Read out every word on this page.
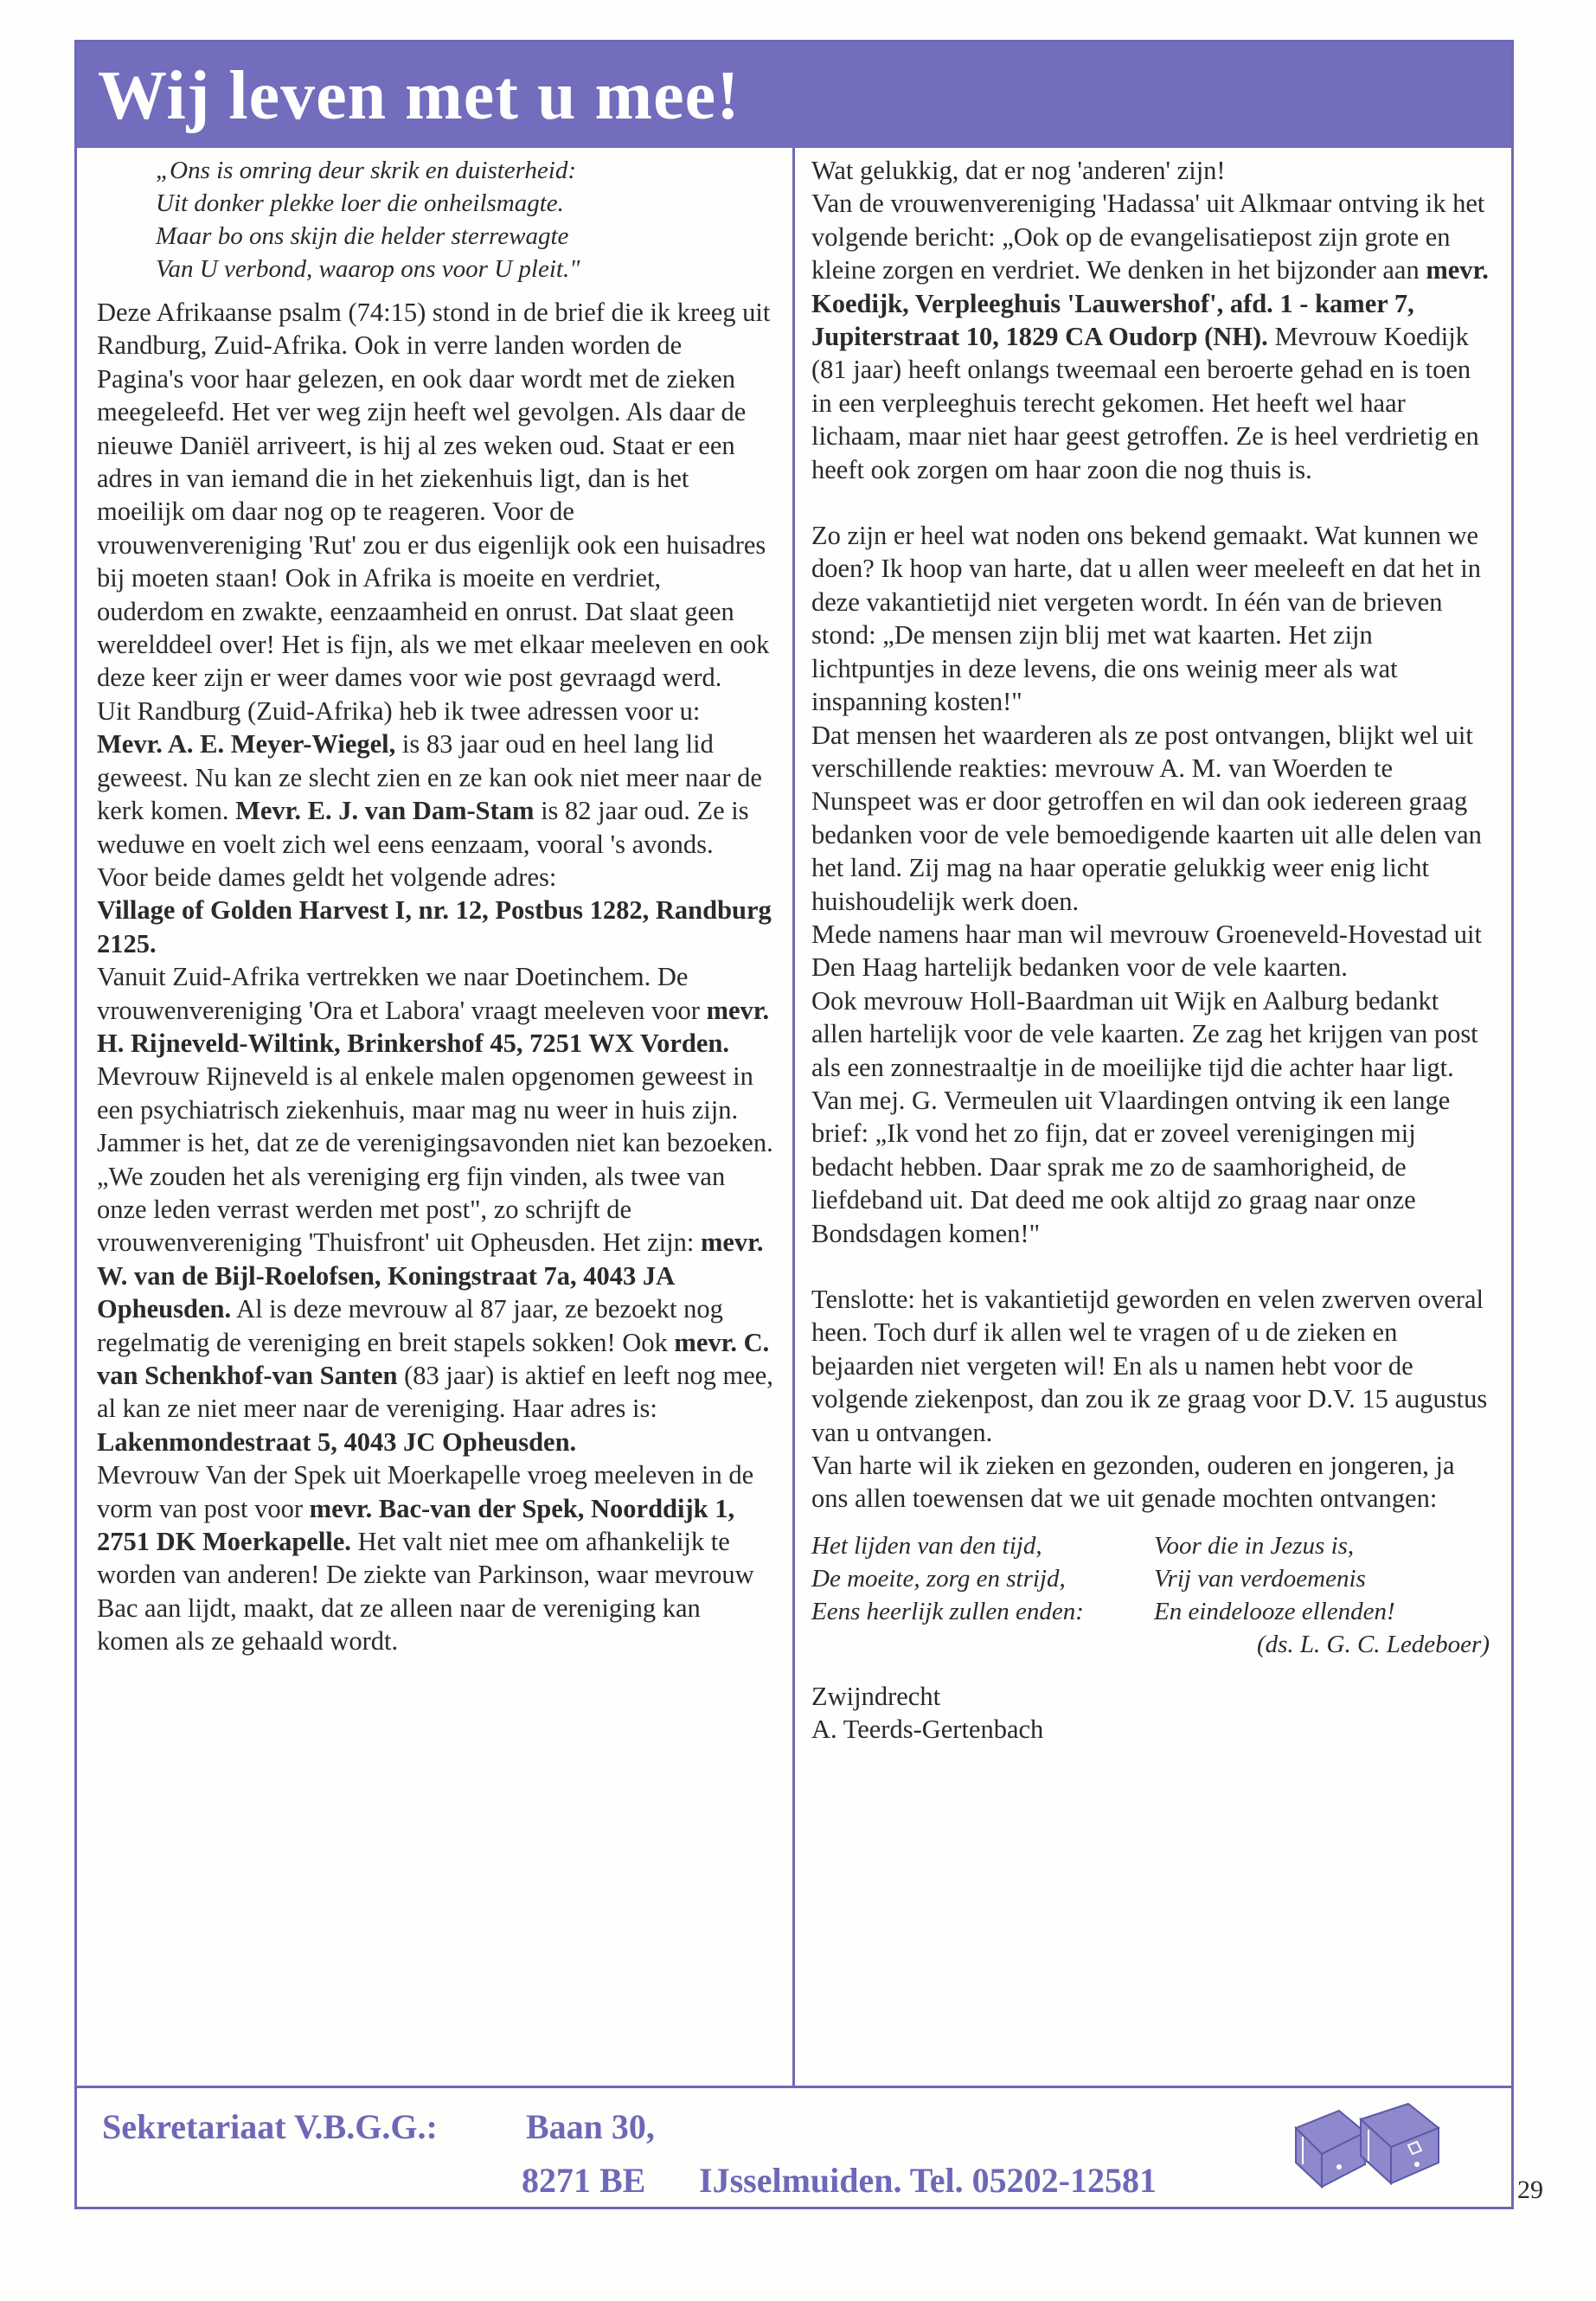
Wij leven met u mee!
„Ons is omring deur skrik en duisterheid:
Uit donker plekke loer die onheilsmagte.
Maar bo ons skijn die helder sterrewagte
Van U verbond, waarop ons voor U pleit."

Deze Afrikaanse psalm (74:15) stond in de brief die ik kreeg uit Randburg, Zuid-Afrika. Ook in verre landen worden de Pagina's voor haar gelezen, en ook daar wordt met de zieken meegeleefd. Het ver weg zijn heeft wel gevolgen. Als daar de nieuwe Daniël arriveert, is hij al zes weken oud. Staat er een adres in van iemand die in het ziekenhuis ligt, dan is het moeilijk om daar nog op te reageren. Voor de vrouwenvereniging 'Rut' zou er dus eigenlijk ook een huisadres bij moeten staan! Ook in Afrika is moeite en verdriet, ouderdom en zwakte, eenzaamheid en onrust. Dat slaat geen werelddeel over! Het is fijn, als we met elkaar meeleven en ook deze keer zijn er weer dames voor wie post gevraagd werd.

Uit Randburg (Zuid-Afrika) heb ik twee adressen voor u:

Mevr. A. E. Meyer-Wiegel, is 83 jaar oud en heel lang lid geweest. Nu kan ze slecht zien en ze kan ook niet meer naar de kerk komen. Mevr. E. J. van Dam-Stam is 82 jaar oud. Ze is weduwe en voelt zich wel eens eenzaam, vooral 's avonds.

Voor beide dames geldt het volgende adres:

Village of Golden Harvest I, nr. 12, Postbus 1282, Randburg 2125.

Vanuit Zuid-Afrika vertrekken we naar Doetinchem. De vrouwenvereniging 'Ora et Labora' vraagt meeleven voor mevr. H. Rijneveld-Wiltink, Brinkershof 45, 7251 WX Vorden.

Mevrouw Rijneveld is al enkele malen opgenomen geweest in een psychiatrisch ziekenhuis, maar mag nu weer in huis zijn. Jammer is het, dat ze de verenigingsavonden niet kan bezoeken.

„We zouden het als vereniging erg fijn vinden, als twee van onze leden verrast werden met post", zo schrijft de vrouwenvereniging 'Thuisfront' uit Opheusden. Het zijn: mevr. W. van de Bijl-Roelofsen, Koningstraat 7a, 4043 JA Opheusden. Al is deze mevrouw al 87 jaar, ze bezoekt nog regelmatig de vereniging en breit stapels sokken! Ook mevr. C. van Schenkhof-van Santen (83 jaar) is aktief en leeft nog mee, al kan ze niet meer naar de vereniging. Haar adres is: Lakenmondestraat 5, 4043 JC Opheusden.

Mevrouw Van der Spek uit Moerkapelle vroeg meeleven in de vorm van post voor mevr. Bac-van der Spek, Noorddijk 1, 2751 DK Moerkapelle. Het valt niet mee om afhankelijk te worden van anderen! De ziekte van Parkinson, waar mevrouw Bac aan lijdt, maakt, dat ze alleen naar de vereniging kan komen als ze gehaald wordt.

Wat gelukkig, dat er nog 'anderen' zijn!

Van de vrouwenvereniging 'Hadassa' uit Alkmaar ontving ik het volgende bericht: „Ook op de evangelisatiepost zijn grote en kleine zorgen en verdriet. We denken in het bijzonder aan mevr. Koedijk, Verpleeghuis 'Lauwershof', afd. 1 - kamer 7, Jupiterstraat 10, 1829 CA Oudorp (NH). Mevrouw Koedijk (81 jaar) heeft onlangs tweemaal een beroerte gehad en is toen in een verpleeghuis terecht gekomen. Het heeft wel haar lichaam, maar niet haar geest getroffen. Ze is heel verdrietig en heeft ook zorgen om haar zoon die nog thuis is.

Zo zijn er heel wat noden ons bekend gemaakt. Wat kunnen we doen? Ik hoop van harte, dat u allen weer meeleeft en dat het in deze vakantietijd niet vergeten wordt. In één van de brieven stond: „De mensen zijn blij met wat kaarten. Het zijn lichtpuntjes in deze levens, die ons weinig meer als wat inspanning kosten!"

Dat mensen het waarderen als ze post ontvangen, blijkt wel uit verschillende reakties: mevrouw A. M. van Woerden te Nunspeet was er door getroffen en wil dan ook iedereen graag bedanken voor de vele bemoedigende kaarten uit alle delen van het land. Zij mag na haar operatie gelukkig weer enig licht huishoudelijk werk doen.

Mede namens haar man wil mevrouw Groeneveld-Hovestad uit Den Haag hartelijk bedanken voor de vele kaarten.

Ook mevrouw Holl-Baardman uit Wijk en Aalburg bedankt allen hartelijk voor de vele kaarten. Ze zag het krijgen van post als een zonnestraaltje in de moeilijke tijd die achter haar ligt.

Van mej. G. Vermeulen uit Vlaardingen ontving ik een lange brief: „Ik vond het zo fijn, dat er zoveel verenigingen mij bedacht hebben. Daar sprak me zo de saamhorigheid, de liefdeband uit. Dat deed me ook altijd zo graag naar onze Bondsdagen komen!"

Tenslotte: het is vakantietijd geworden en velen zwerven overal heen. Toch durf ik allen wel te vragen of u de zieken en bejaarden niet vergeten wil! En als u namen hebt voor de volgende ziekenpost, dan zou ik ze graag voor D.V. 15 augustus van u ontvangen.

Van harte wil ik zieken en gezonden, ouderen en jongeren, ja ons allen toewensen dat we uit genade mochten ontvangen:

Het lijden van den tijd,
De moeite, zorg en strijd,
Eens heerlijk zullen enden:
Voor die in Jezus is,
Vrij van verdoemenis
En eindelooze ellenden!
(ds. L. G. C. Ledeboer)
Zwijndrecht
A. Teerds-Gertenbach
Sekretariaat V.B.G.G.:	Baan 30,
8271 BE IJsselmuiden. Tel. 05202-12581	29
